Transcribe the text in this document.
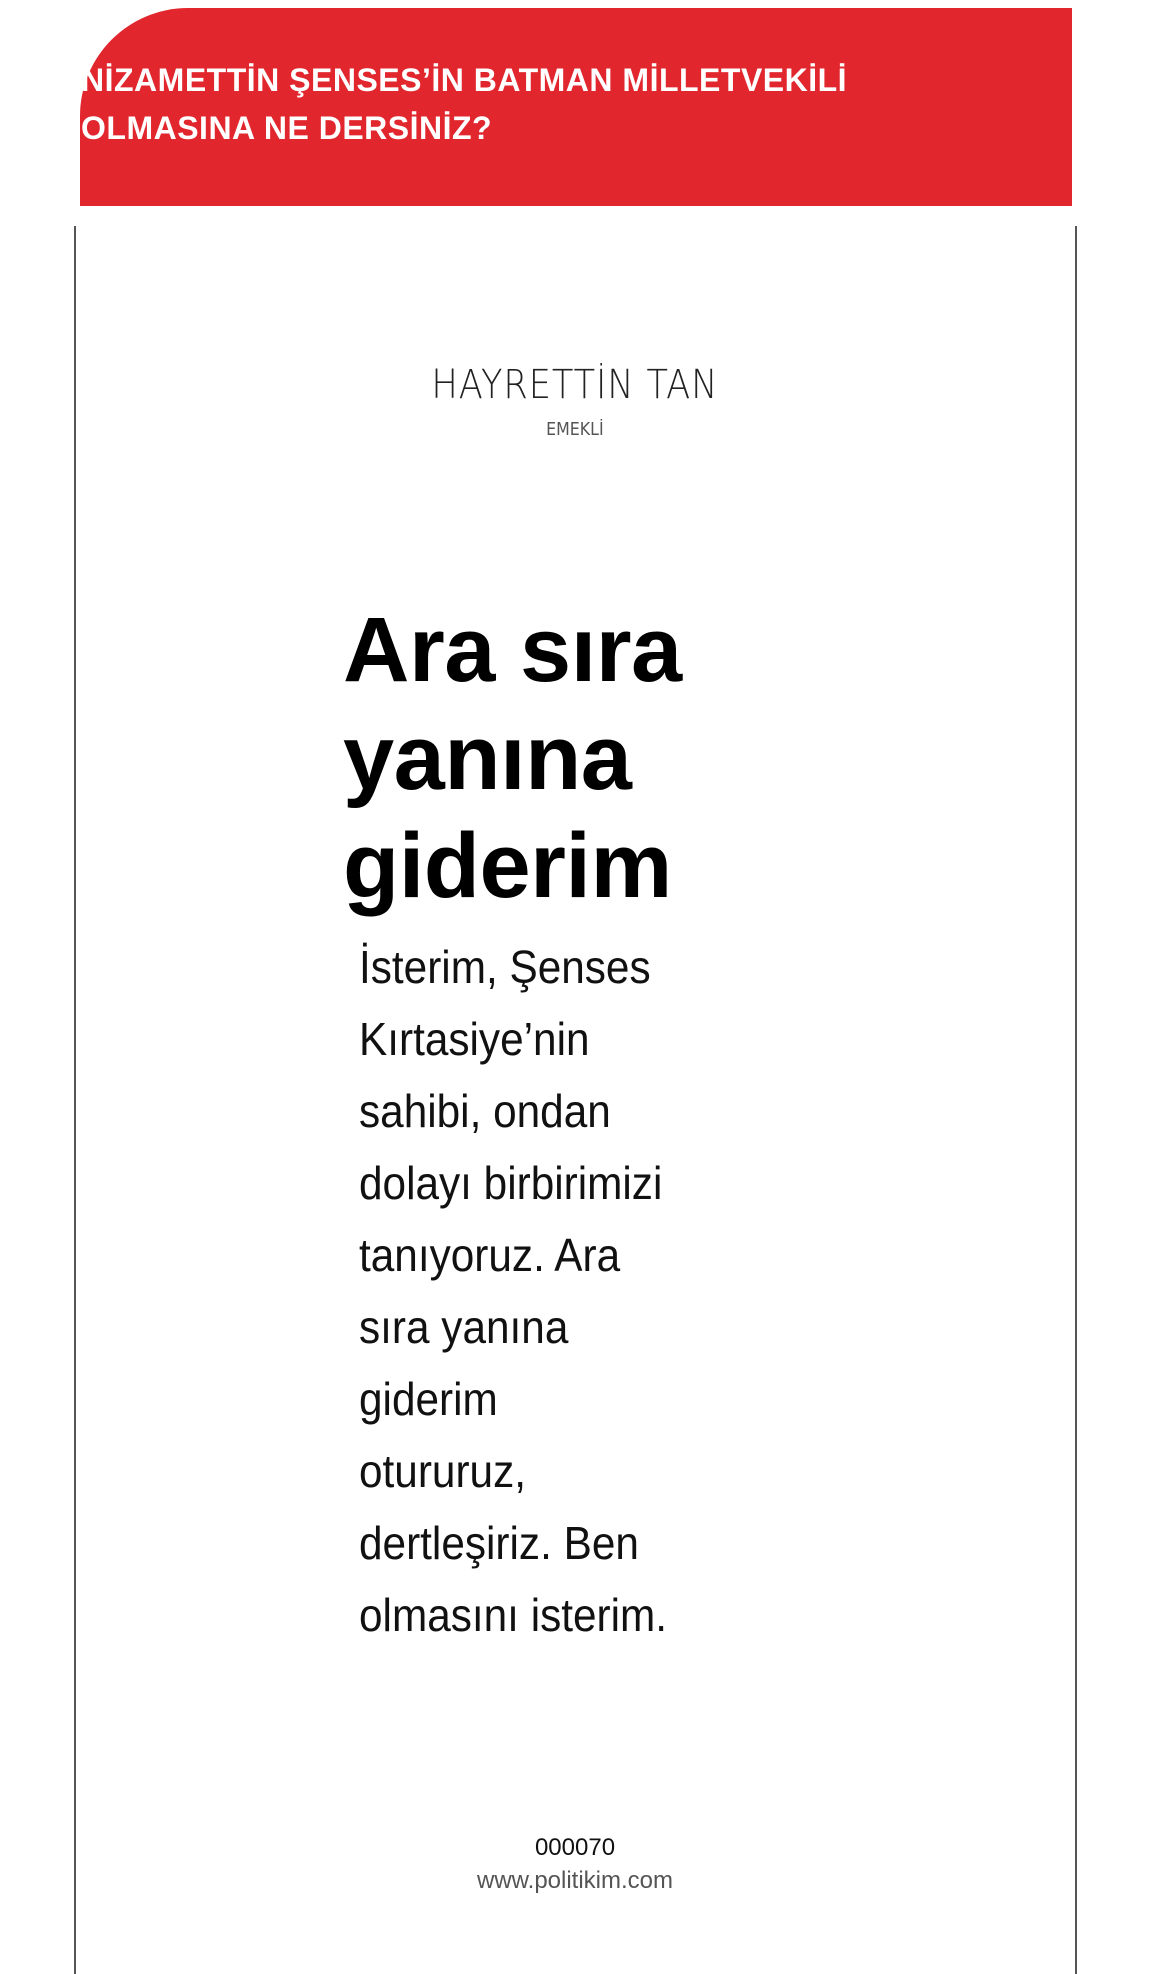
NİZAMETTİN ŞENSES’İN BATMAN MİLLETVEKİLİ OLMASINA NE DERSİNİZ?
HAYRETTİN TAN
EMEKLİ
Ara sıra yanına giderim

İsterim, Şenses Kırtasiye’nin sahibi, ondan dolayı birbirimizi tanıyoruz. Ara sıra yanına giderim otururuz, dertleşiriz. Ben olmasını isterim.

000070
www.politikim.com
